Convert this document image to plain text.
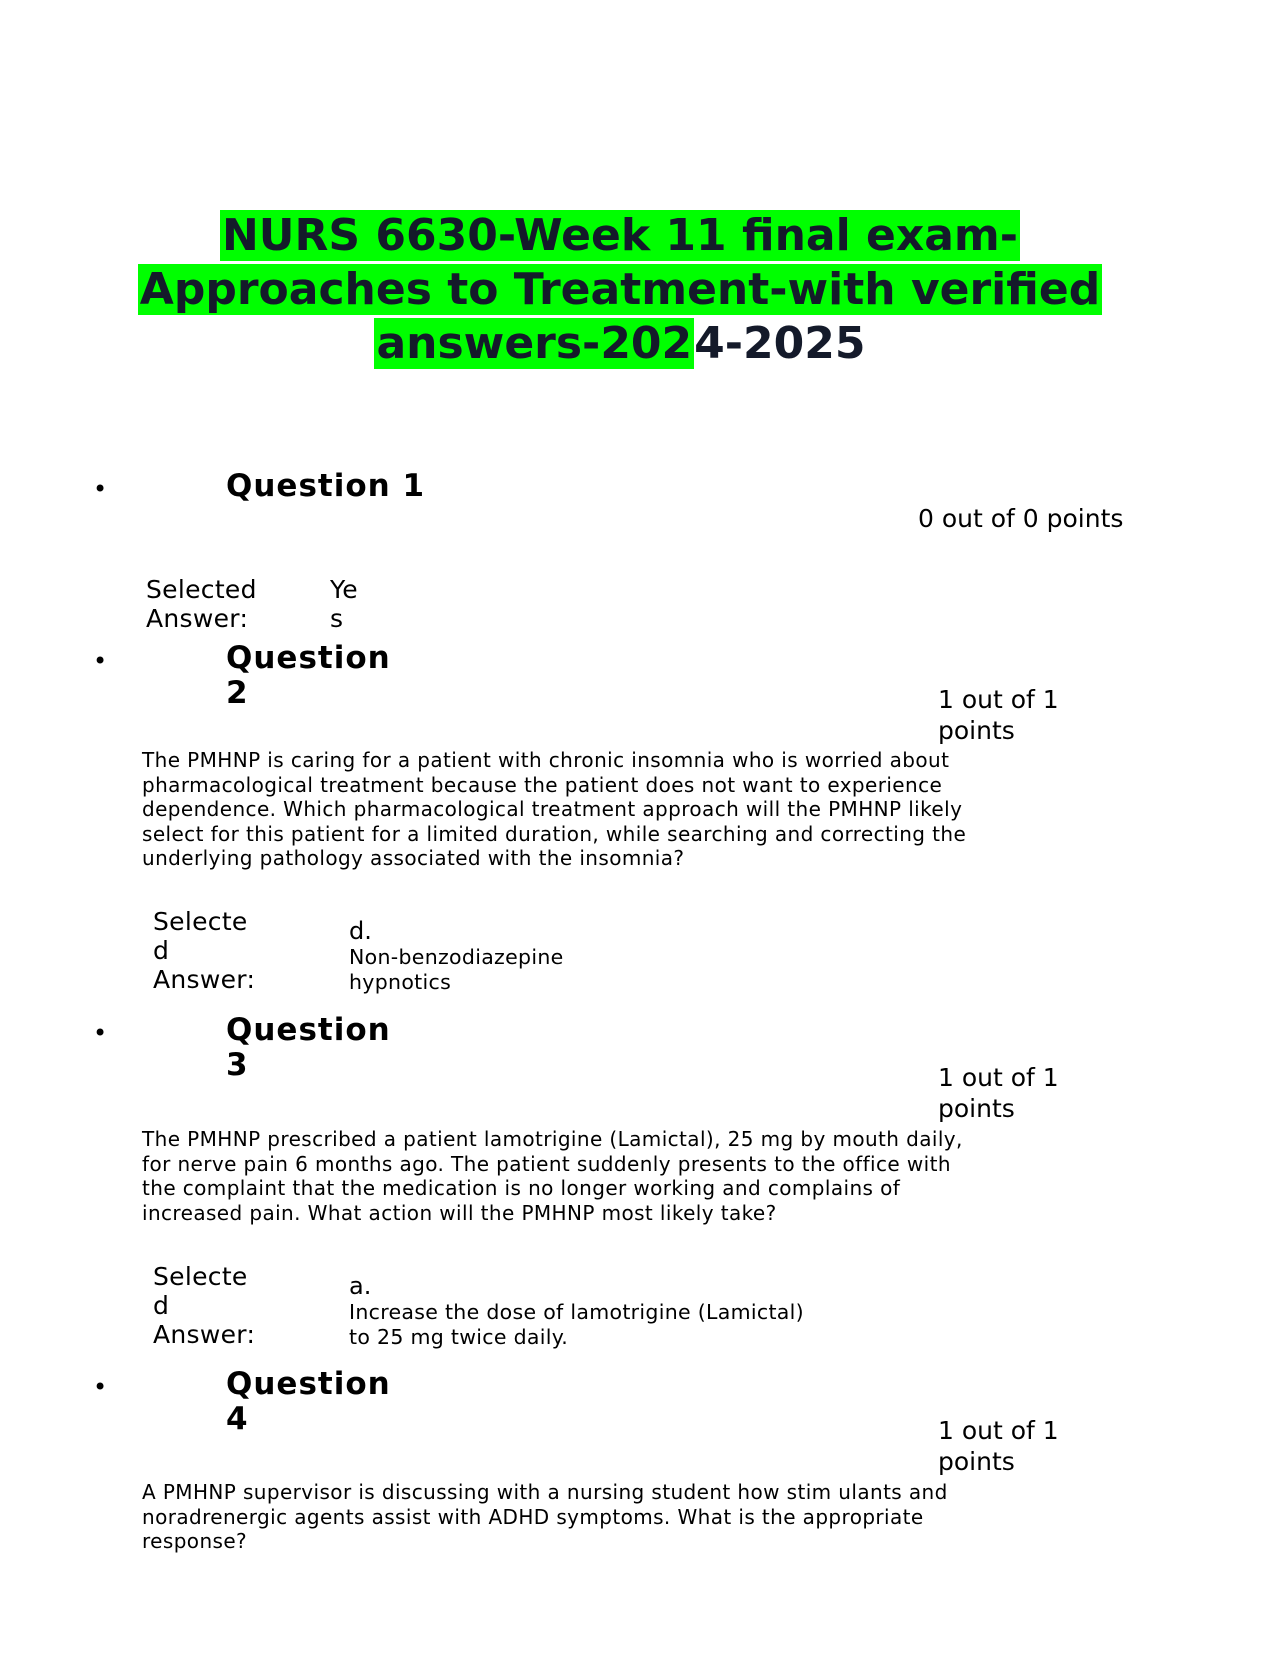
NURS 6630-Week 11 final exam-
Approaches to Treatment-with verified
answers-2024-2025
•	Question 1
0 out of 0 points
Selected
Answer:
Ye
s
•	Question
2	1 out of 1
points
The PMHNP is caring for a patient with chronic insomnia who is worried about
pharmacological treatment because the patient does not want to experience
dependence. Which pharmacological treatment approach will the PMHNP likely
select for this patient for a limited duration, while searching and correcting the
underlying pathology associated with the insomnia?
Selecte
d
Answer:
d.
Non-benzodiazepine
hypnotics
•	Question
3	1 out of 1
points
The PMHNP prescribed a patient lamotrigine (Lamictal), 25 mg by mouth daily,
for nerve pain 6 months ago. The patient suddenly presents to the office with
the complaint that the medication is no longer working and complains of
increased pain. What action will the PMHNP most likely take?
Selecte
d
Answer:
a.
Increase the dose of lamotrigine (Lamictal)
to 25 mg twice daily.
•	Question
4	1 out of 1
points
A PMHNP supervisor is discussing with a nursing student how stim ulants and
noradrenergic agents assist with ADHD symptoms. What is the appropriate
response?
